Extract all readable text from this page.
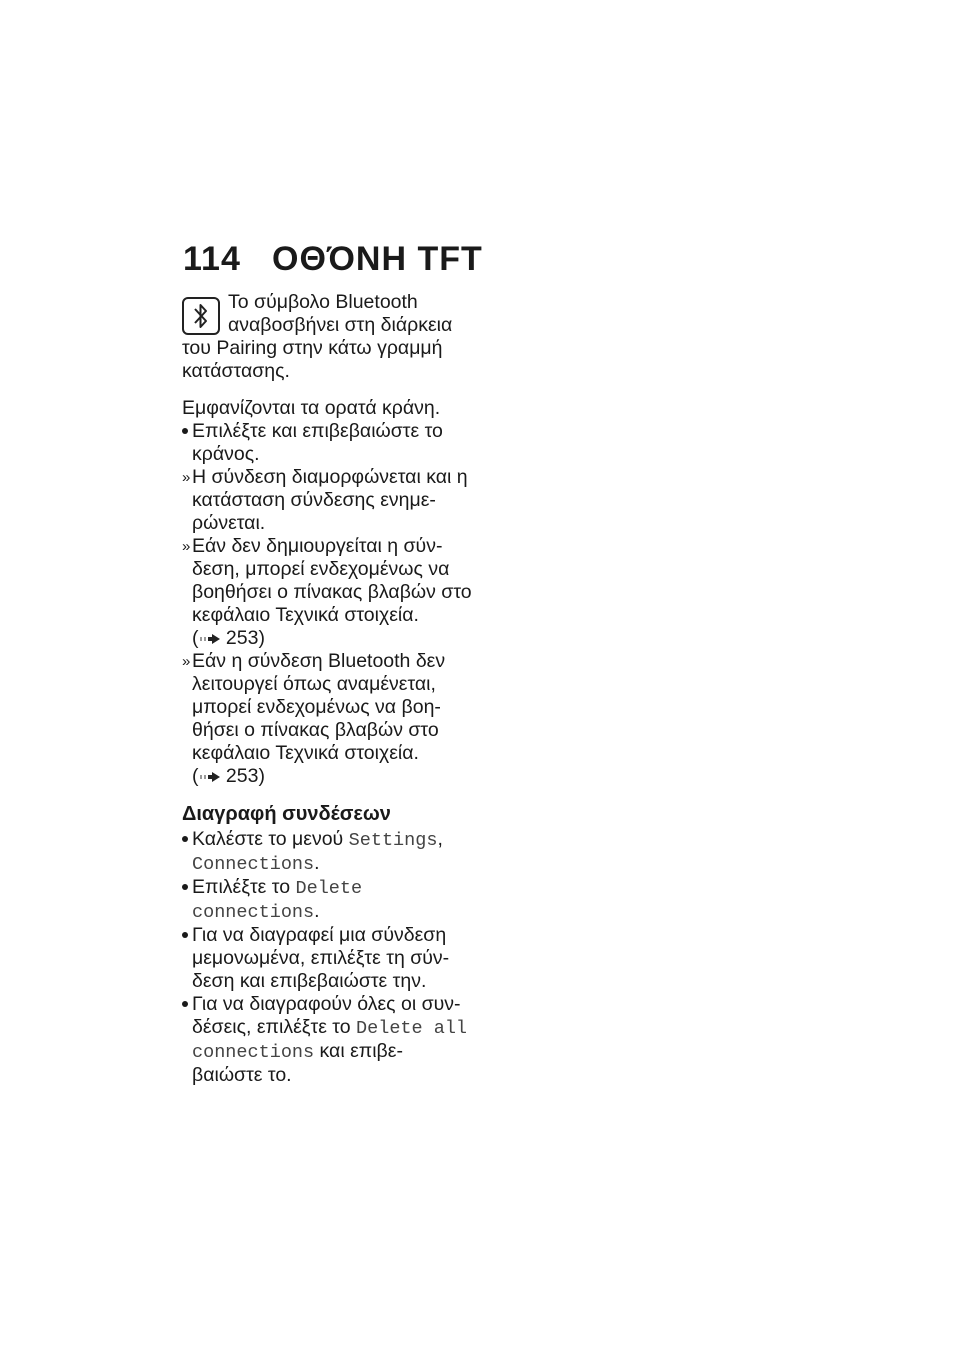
114 ΟΘΌΝΗ TFT

Το σύμβολο Bluetooth αναβοσβήνει στη διάρκεια του Pairing στην κάτω γραμμή κατάστασης.

Εμφανίζονται τα ορατά κράνη.

Επιλέξτε και επιβεβαιώστε το κράνος.
» Η σύνδεση διαμορφώνεται και η κατάσταση σύνδεσης ενημε-ρώνεται.
» Εάν δεν δημιουργείται η σύν-δεση, μπορεί ενδεχομένως να βοηθήσει ο πίνακας βλαβών στο κεφάλαιο Τεχνικά στοιχεία.
( 253)
» Εάν η σύνδεση Bluetooth δεν λειτουργεί όπως αναμένεται, μπορεί ενδεχομένως να βοη-θήσει ο πίνακας βλαβών στο κεφάλαιο Τεχνικά στοιχεία.
( 253)
Διαγραφή συνδέσεων
Καλέστε το μενού Settings, Connections.
Επιλέξτε το Delete connections.
Για να διαγραφεί μια σύνδεση μεμονωμένα, επιλέξτε τη σύν-δεση και επιβεβαιώστε την.
Για να διαγραφούν όλες οι συν-δέσεις, επιλέξτε το Delete all connections και επιβε-βαιώστε το.
